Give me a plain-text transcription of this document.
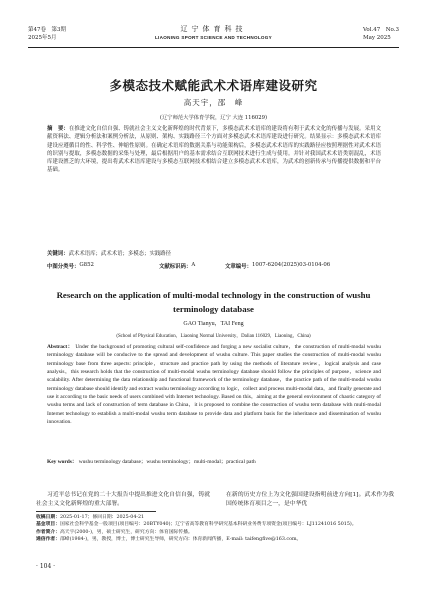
第47卷　第3期
2025年5月
辽宁体育科技
LIAONING SPORT SCIENCE AND TECHNOLOGY
Vol.47　No.3
May 2025
多模态技术赋能武术术语库建设研究
高天宇，邵　峰
(辽宁师范大学体育学院，辽宁 大连 116029)
摘　要：在推进文化自信自强、铸就社会主义文化新辉煌的时代背景下，多模态武术术语库的建设将有利于武术文化的传播与发展。采用文献资料法、逻辑分析法和案例分析法，从原则、架构、实践路径三个方面对多模态武术术语库建设进行研究。结果显示：多模态武术术语库建设应遵循目的性、科学性、伸缩性原则。在确定术语库的数据关系与功能架构后，多模态武术术语库的实践路径应按照理据性对武术术语的识别与提取，多模态数据的采集与处理，最后根据用户的基本需求结合互联网技术进行生成与使用。并针对我国武术术语类别混乱，术语库建设匮乏的大环境，提出将武术术语库建设与多模态互联网技术相结合建立多模态武术术语库，为武术的创新传承与传播提供数据和平台基础。
关键词：武术术语库；武术术语；多模态；实践路径
中图分类号： G852	文献标识码： A	文章编号： 1007-6204(2025)03-0104-06
Research on the application of multi-modal technology in the construction of wushu terminology database
GAO Tianyu，TAI Feng
(School of Physical Education，Liaoning Normal University，Dalian 116029，Liaoning，China)
Abstract： Under the background of promoting cultural self-confidence and forging a new socialist culture，the construction of multi-modal wushu terminology database will be conducive to the spread and development of wushu culture. This paper studies the construction of multi-modal wushu terminology base from three aspects: principle，structure and practice path by using the methods of literature review，logical analysis and case analysis，this research holds that the construction of multi-modal wushu terminology database should follow the principles of purpose，science and scalability. After determining the data relationship and functional framework of the terminology database，the practice path of the multi-modal wushu terminology database should identify and extract wushu terminology according to logic，collect and process multi-modal data，and finally generate and use it according to the basic needs of users combined with Internet technology. Based on this，aiming at the general environment of chaotic category of wushu terms and lack of construction of term database in China，it is proposed to combine the construction of wushu term database with multi-modal Internet technology to establish a multi-modal wushu term database to provide data and platform basis for the inheritance and dissemination of wushu innovation.
Key words： wushu terminology database；wushu terminology；multi-modal；practical path
习近平总书记在党的二十大报告中提出推进文化自信自强，铸就社会主义文化新辉煌的重大部署。
在新的历史方位上为文化强国建设指明前进方向[1]。武术作为我国传统体育项目之一，是中华优
收稿日期：2025-01-17；修回日期：2025-04-21
基金项目：国家社会科学基金一般项目(项目编号：20BTY040)；辽宁省高等教育科学研究基本科研业务费专项资金(项目编号：LJ11241016 5015)。
作者简介：高天宇(2000-)，男，硕士研究生，研究方向：体育国际传播。
通信作者：邵峰(1984-)，男，教授，博士，博士研究生导师，研究方向：体育新闻传播，E-mail: taifengfive@163.com。
· 104 ·
